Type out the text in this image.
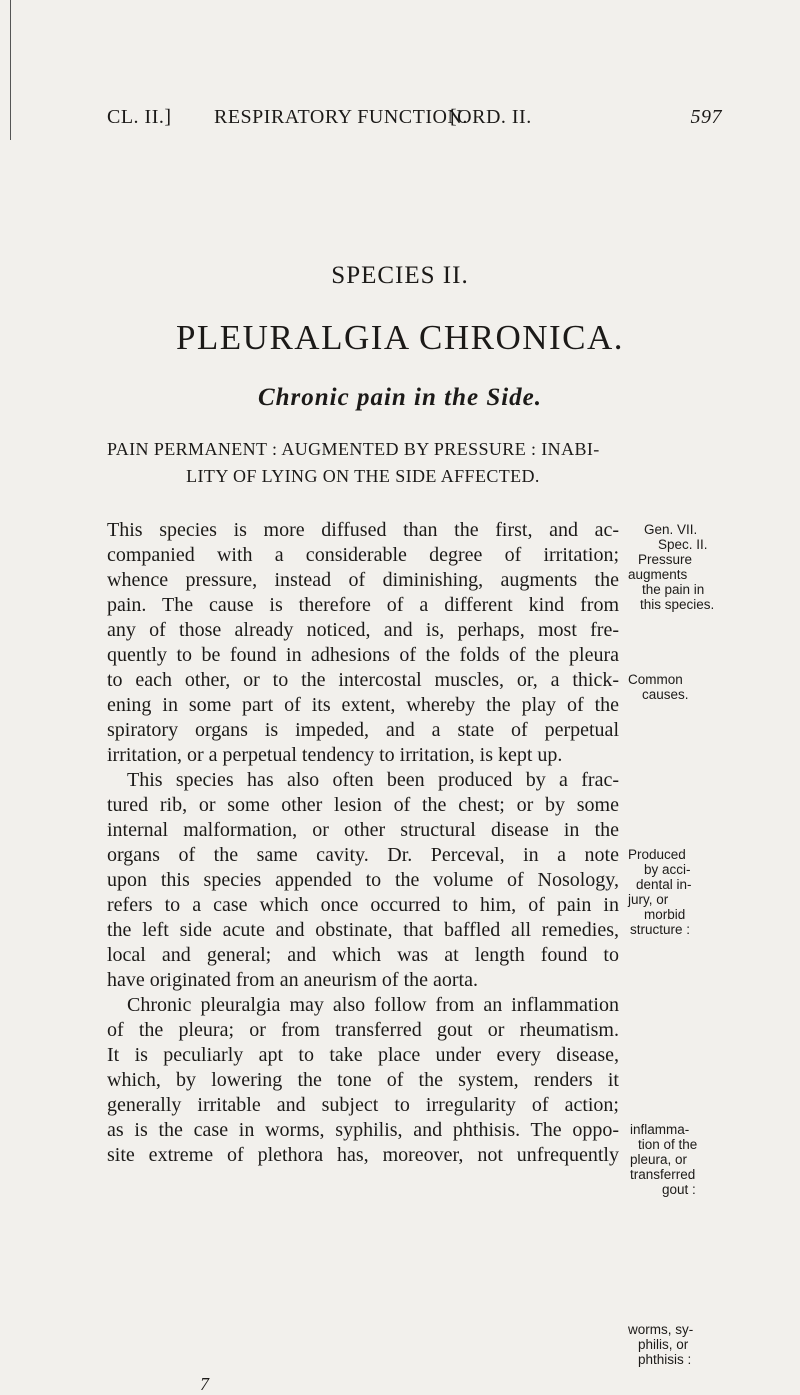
CL. II.] RESPIRATORY FUNCTION.
[ORD. II.	597
SPECIES II.
PLEURALGIA CHRONICA.
Chronic pain in the Side.
PAIN PERMANENT : AUGMENTED BY PRESSURE : INABI-
LITY OF LYING ON THE SIDE AFFECTED.
This species is more diffused than the first, and ac-
companied with a considerable degree of irritation;
whence pressure, instead of diminishing, augments the
pain. The cause is therefore of a different kind from
any of those already noticed, and is, perhaps, most fre-
quently to be found in adhesions of the folds of the pleura
to each other, or to the intercostal muscles, or, a thick-
ening in some part of its extent, whereby the play of the
spiratory organs is impeded, and a state of perpetual
irritation, or a perpetual tendency to irritation, is kept up.
This species has also often been produced by a frac-
tured rib, or some other lesion of the chest; or by some
internal malformation, or other structural disease in the
organs of the same cavity. Dr. Perceval, in a note
upon this species appended to the volume of Nosology,
refers to a case which once occurred to him, of pain in
the left side acute and obstinate, that baffled all remedies,
local and general; and which was at length found to
have originated from an aneurism of the aorta.
Chronic pleuralgia may also follow from an inflammation
of the pleura; or from transferred gout or rheumatism.
It is peculiarly apt to take place under every disease,
which, by lowering the tone of the system, renders it
generally irritable and subject to irregularity of action;
as is the case in worms, syphilis, and phthisis. The oppo-
site extreme of plethora has, moreover, not unfrequently
7
Gen. VII.
Spec. II.
Pressure
augments
the pain in
this species.
Common
causes.
Produced
by acci-
dental in-
jury, or
morbid
structure :
inflamma-
tion of the
pleura, or
transferred
gout :
worms, sy-
philis, or
phthisis :
